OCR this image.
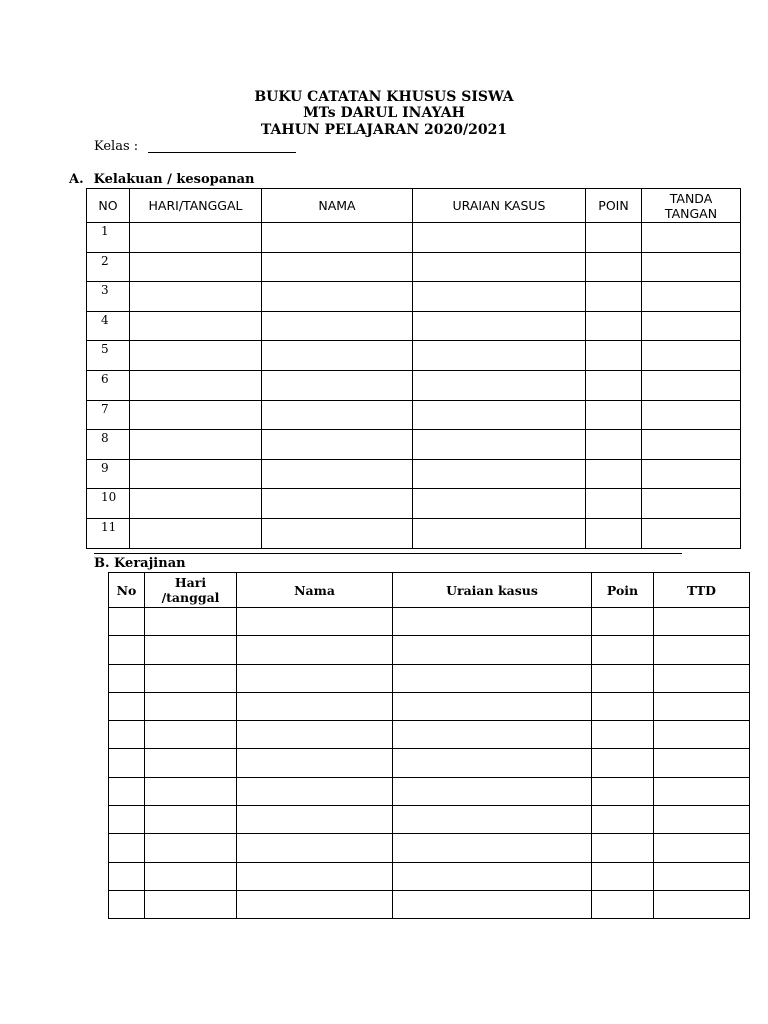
BUKU CATATAN KHUSUS SISWA
MTs DARUL INAYAH
TAHUN PELAJARAN 2020/2021
Kelas :
A. Kelakuan / kesopanan
NO	HARI/TANGGAL	NAMA	URAIAN KASUS	POIN	TANDA TANGAN
1					
2					
3					
4					
5					
6					
7					
8					
9					
10					
11					
B. Kerajinan
No	Hari /tanggal	Nama	Uraian kasus	Poin	TTD
